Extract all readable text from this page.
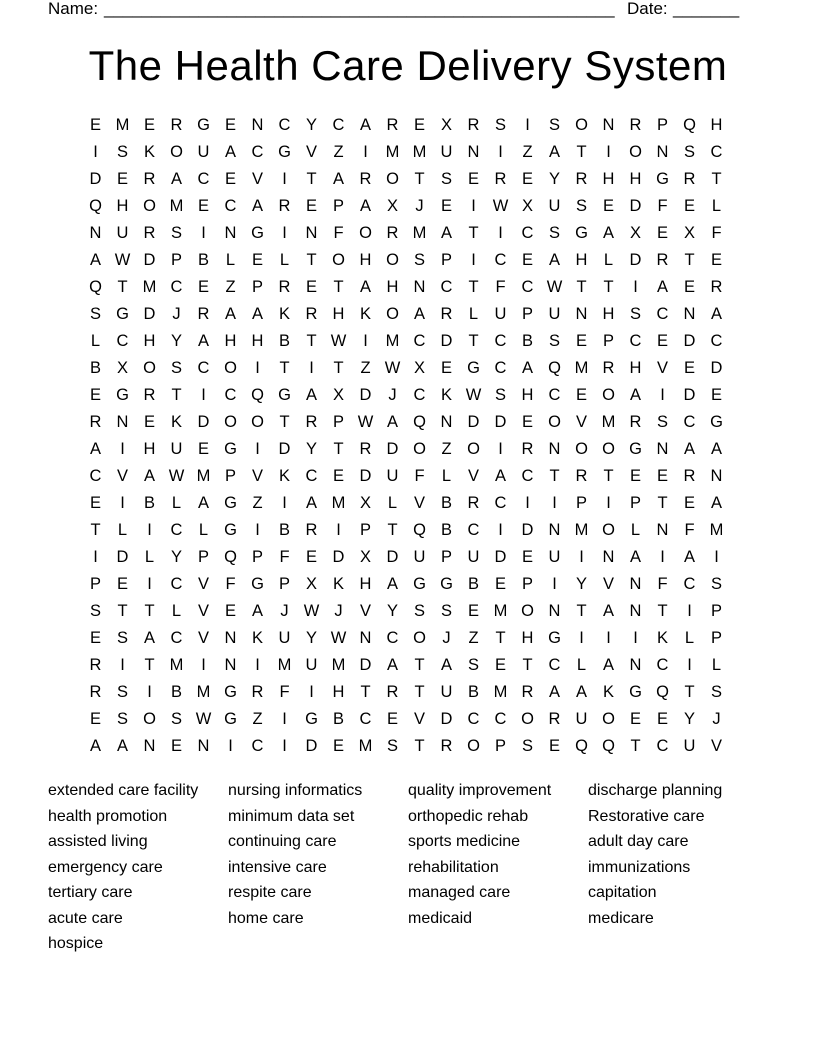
Name: ______________________________________________________ Date: _______
The Health Care Delivery System
E M E R G E N C Y C A R E X R S	I	S O N R P Q H
I	S K O U A C G V Z	I	M M U N	I	Z A T	I	O N S C
D E R A C E V	I	T A R O T S E R E Y R H H G R T
Q H O M E C A R E P A X	J	E	I	W X U S E D F E	L
N U R S	I	N G	I	N F O R M A T	I	C S G A X E X F
A W D P B	L	E	L	T O H O S P	I	C E A H L D R T E
Q T M C E Z P R E T A H N C T	F C W T	T	I	A E R
S G D	J	R A A K R H K O A R L U P U N H S C N A
L C H Y A H H B T W	I	M C D T C B S E P C E D C
B X O S C O	I	T	I	T	Z W X E G C A Q M R H V E D
E G R T	I	C Q G A X D	J	C K W S H C E O A	I	D E
R N E K D O O T R P W A Q N D D E O V M R S C G
A	I	H U E G	I	D Y T R D O Z O	I	R N O O G N A A
C V A W M P V K C E D U F	L	V A C T R T E E R N
E	I	B	L	A G Z	I	A M X	L	V B R C	I	I	P	I	P T E A
T	L	I	C L G	I	B R	I	P T Q B C	I	D N M O L N F M
I	D L	Y P Q P F E D X D U P U D E U	I	N A	I	A	I
P E	I	C V F G P X K H A G G B E P	I	Y V N F C S
S T	T	L	V E A	J W J	V Y S S E M O N T A N T	I	P
E S A C V N K U Y W N C O J	Z	T H G	I	I	I	K	L	P
R	I	T M	I	N	I	M U M D A T A S E T C L	A N C	I	L
R S	I	B M G R F	I	H T R T U B M R A A K G Q T S
E S O S W G Z	I	G B C E V D C C O R U O E E Y	J
A A N E N	I	C	I	D E M S T R O P S E Q Q T C U V
extended care facility	nursing informatics	quality improvement	discharge planning
health promotion	minimum data set	orthopedic rehab	Restorative care
assisted living	continuing care	sports medicine	adult day care
emergency care	intensive care	rehabilitation	immunizations
tertiary care	respite care	managed care	capitation
acute care	home care	medicaid	medicare
hospice
